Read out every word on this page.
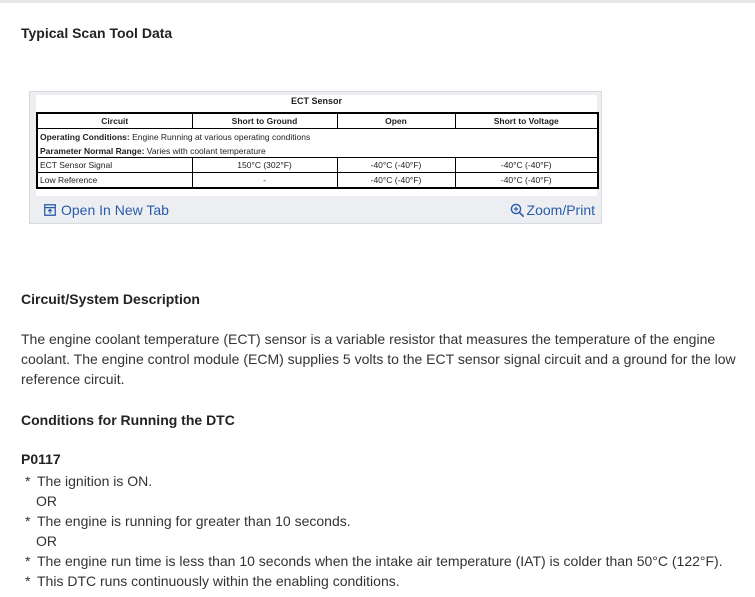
Typical Scan Tool Data
ECT Sensor
Circuit	Short to Ground	Open	Short to Voltage
Operating Conditions: Engine Running at various operating conditions			
Parameter Normal Range: Varies with coolant temperature			
ECT Sensor Signal	150°C (302°F)	-40°C (-40°F)	-40°C (-40°F)
Low Reference	-	-40°C (-40°F)	-40°C (-40°F)
Open In New Tab	Zoom/Print
Circuit/System Description

The engine coolant temperature (ECT) sensor is a variable resistor that measures the temperature of the engine coolant. The engine control module (ECM) supplies 5 volts to the ECT sensor signal circuit and a ground for the low reference circuit.

Conditions for Running the DTC

P0117

* The ignition is ON.
OR
* The engine is running for greater than 10 seconds.
OR
* The engine run time is less than 10 seconds when the intake air temperature (IAT) is colder than 50°C (122°F).
* This DTC runs continuously within the enabling conditions.
